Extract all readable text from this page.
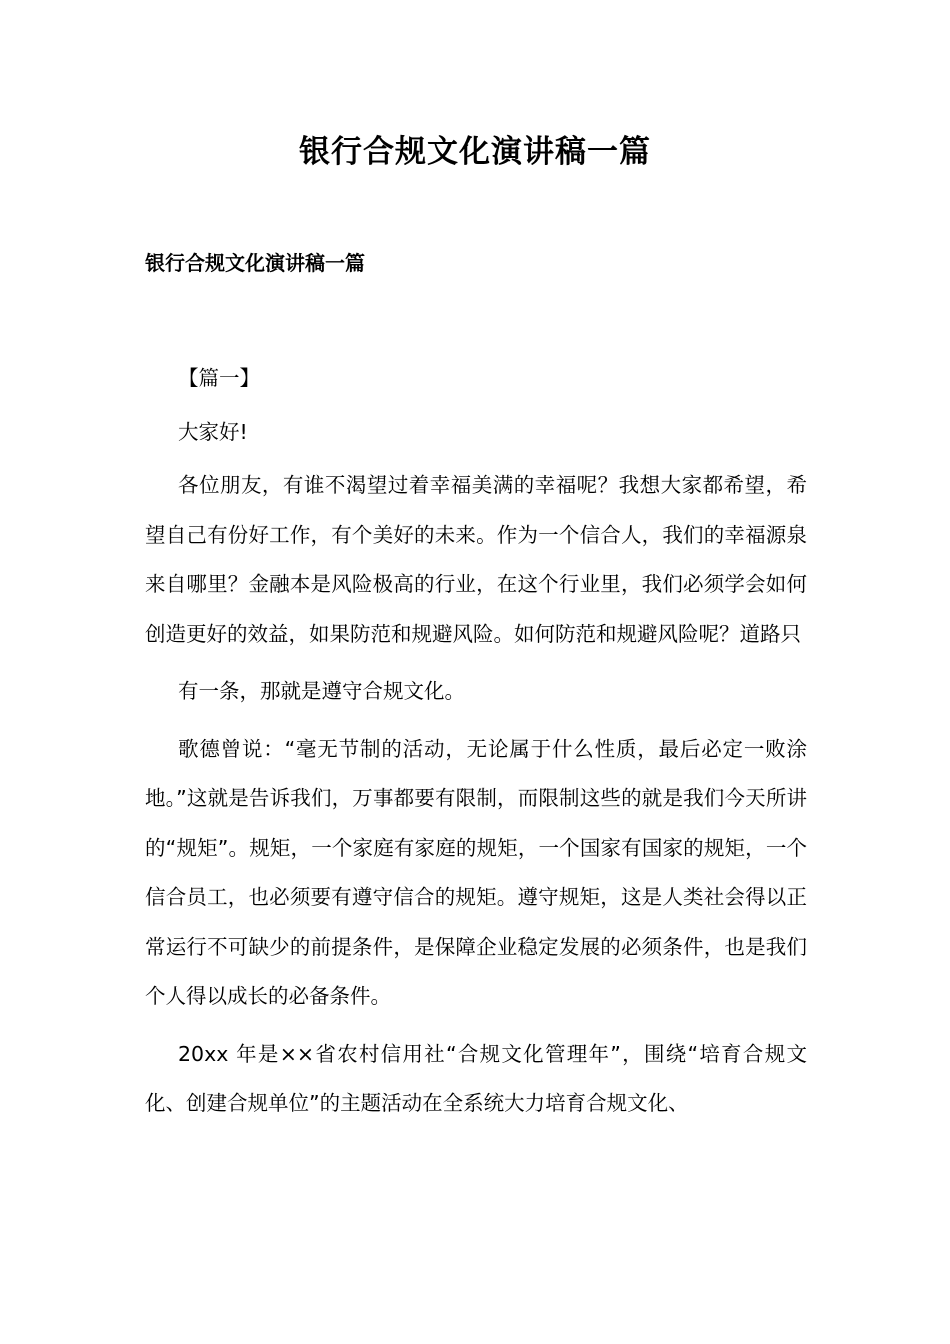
银行合规文化演讲稿一篇
银行合规文化演讲稿一篇

【篇一】

大家好!

各位朋友，有谁不渴望过着幸福美满的幸福呢？我想大家都希望，希望自己有份好工作，有个美好的未来。作为一个信合人，我们的幸福源泉来自哪里？金融本是风险极高的行业，在这个行业里，我们必须学会如何创造更好的效益，如果防范和规避风险。如何防范和规避风险呢？道路只

有一条，那就是遵守合规文化。

歌德曾说：“毫无节制的活动，无论属于什么性质，最后必定一败涂地。”这就是告诉我们，万事都要有限制，而限制这些的就是我们今天所讲的“规矩”。规矩，一个家庭有家庭的规矩，一个国家有国家的规矩，一个信合员工，也必须要有遵守信合的规矩。遵守规矩，这是人类社会得以正常运行不可缺少的前提条件，是保障企业稳定发展的必须条件，也是我们个人得以成长的必备条件。

20xx 年是××省农村信用社“合规文化管理年”，围绕“培育合规文化、创建合规单位”的主题活动在全系统大力培育合规文化、
